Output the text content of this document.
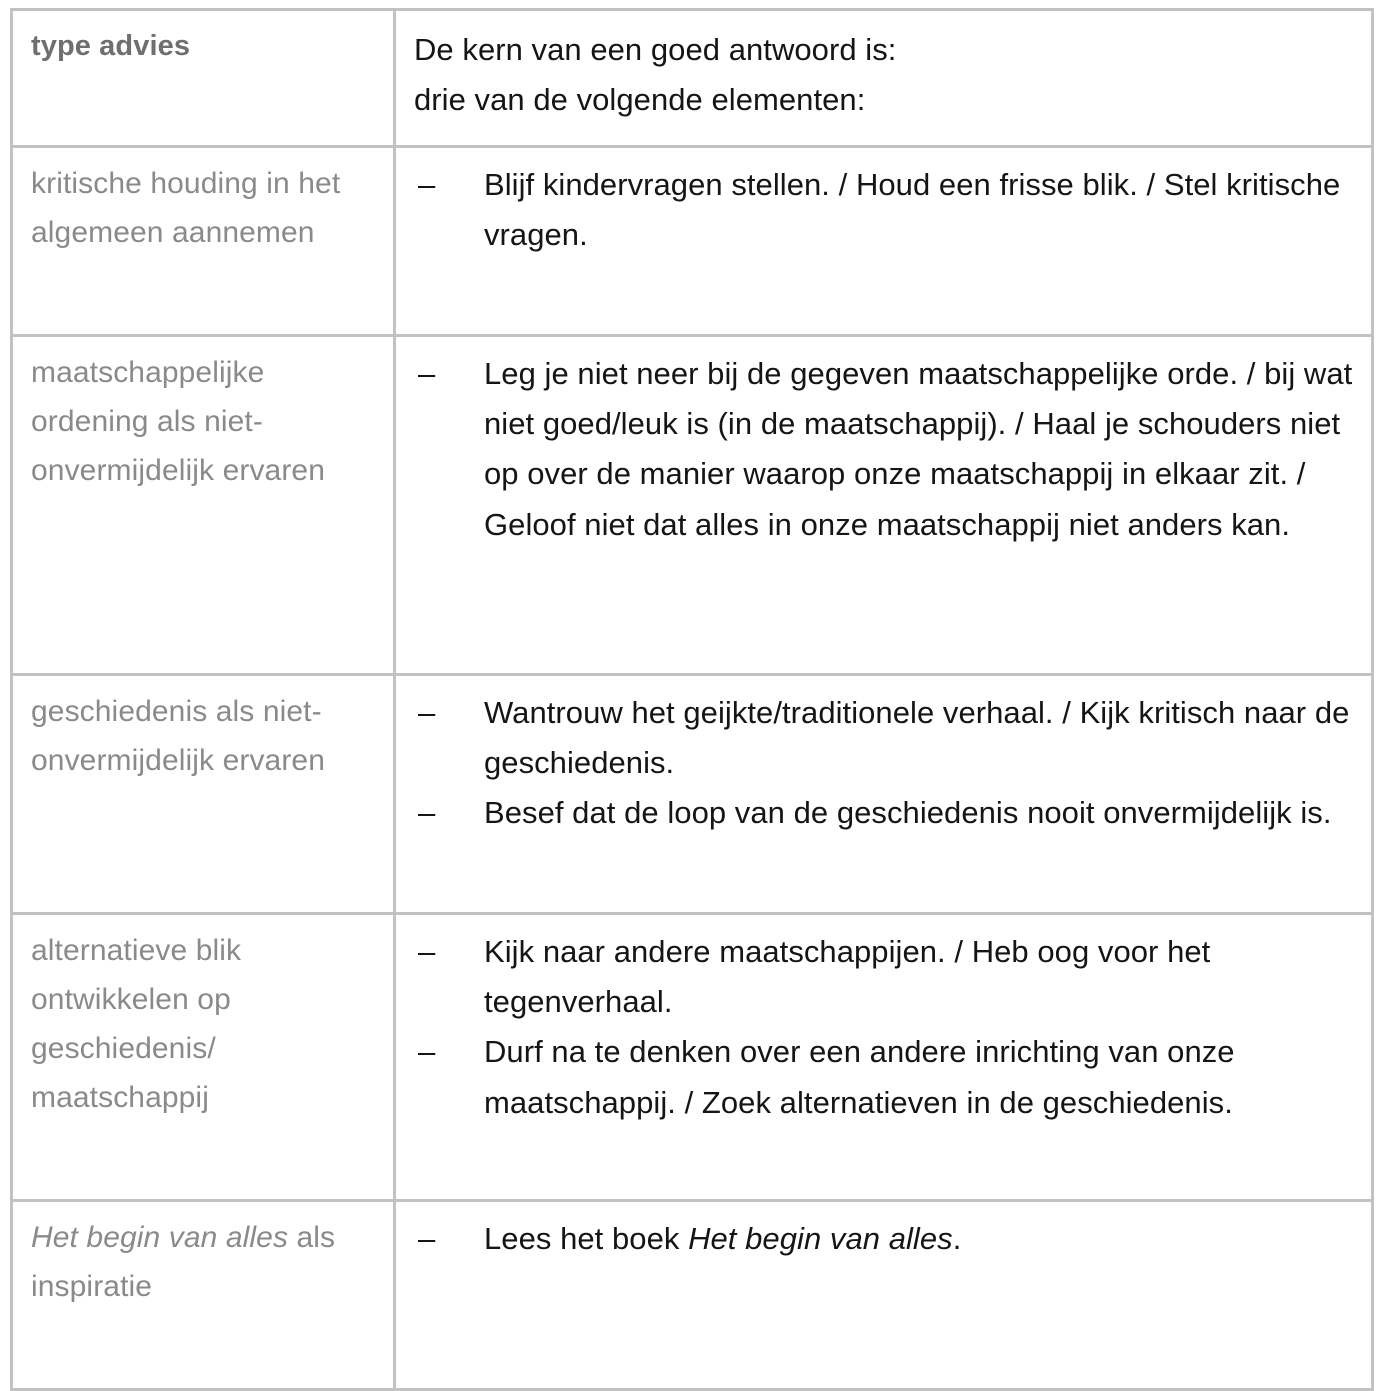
type advies	De kern van een goed antwoord is:
drie van de volgende elementen:

kritische houding in het algemeen aannemen	
– Blijf kindervragen stellen. / Houd een frisse blik. / Stel kritische vragen.

maatschappelijke ordening als niet-onvermijdelijk ervaren	
– Leg je niet neer bij de gegeven maatschappelijke orde. / bij wat niet goed/leuk is (in de maatschappij). / Haal je schouders niet op over de manier waarop onze maatschappij in elkaar zit. / Geloof niet dat alles in onze maatschappij niet anders kan.

geschiedenis als niet-onvermijdelijk ervaren	
– Wantrouw het geijkte/traditionele verhaal. / Kijk kritisch naar de geschiedenis.
– Besef dat de loop van de geschiedenis nooit onvermijdelijk is.

alternatieve blik ontwikkelen op geschiedenis/ maatschappij	
– Kijk naar andere maatschappijen. / Heb oog voor het tegenverhaal.
– Durf na te denken over een andere inrichting van onze maatschappij. / Zoek alternatieven in de geschiedenis.

Het begin van alles als inspiratie	
– Lees het boek Het begin van alles.
